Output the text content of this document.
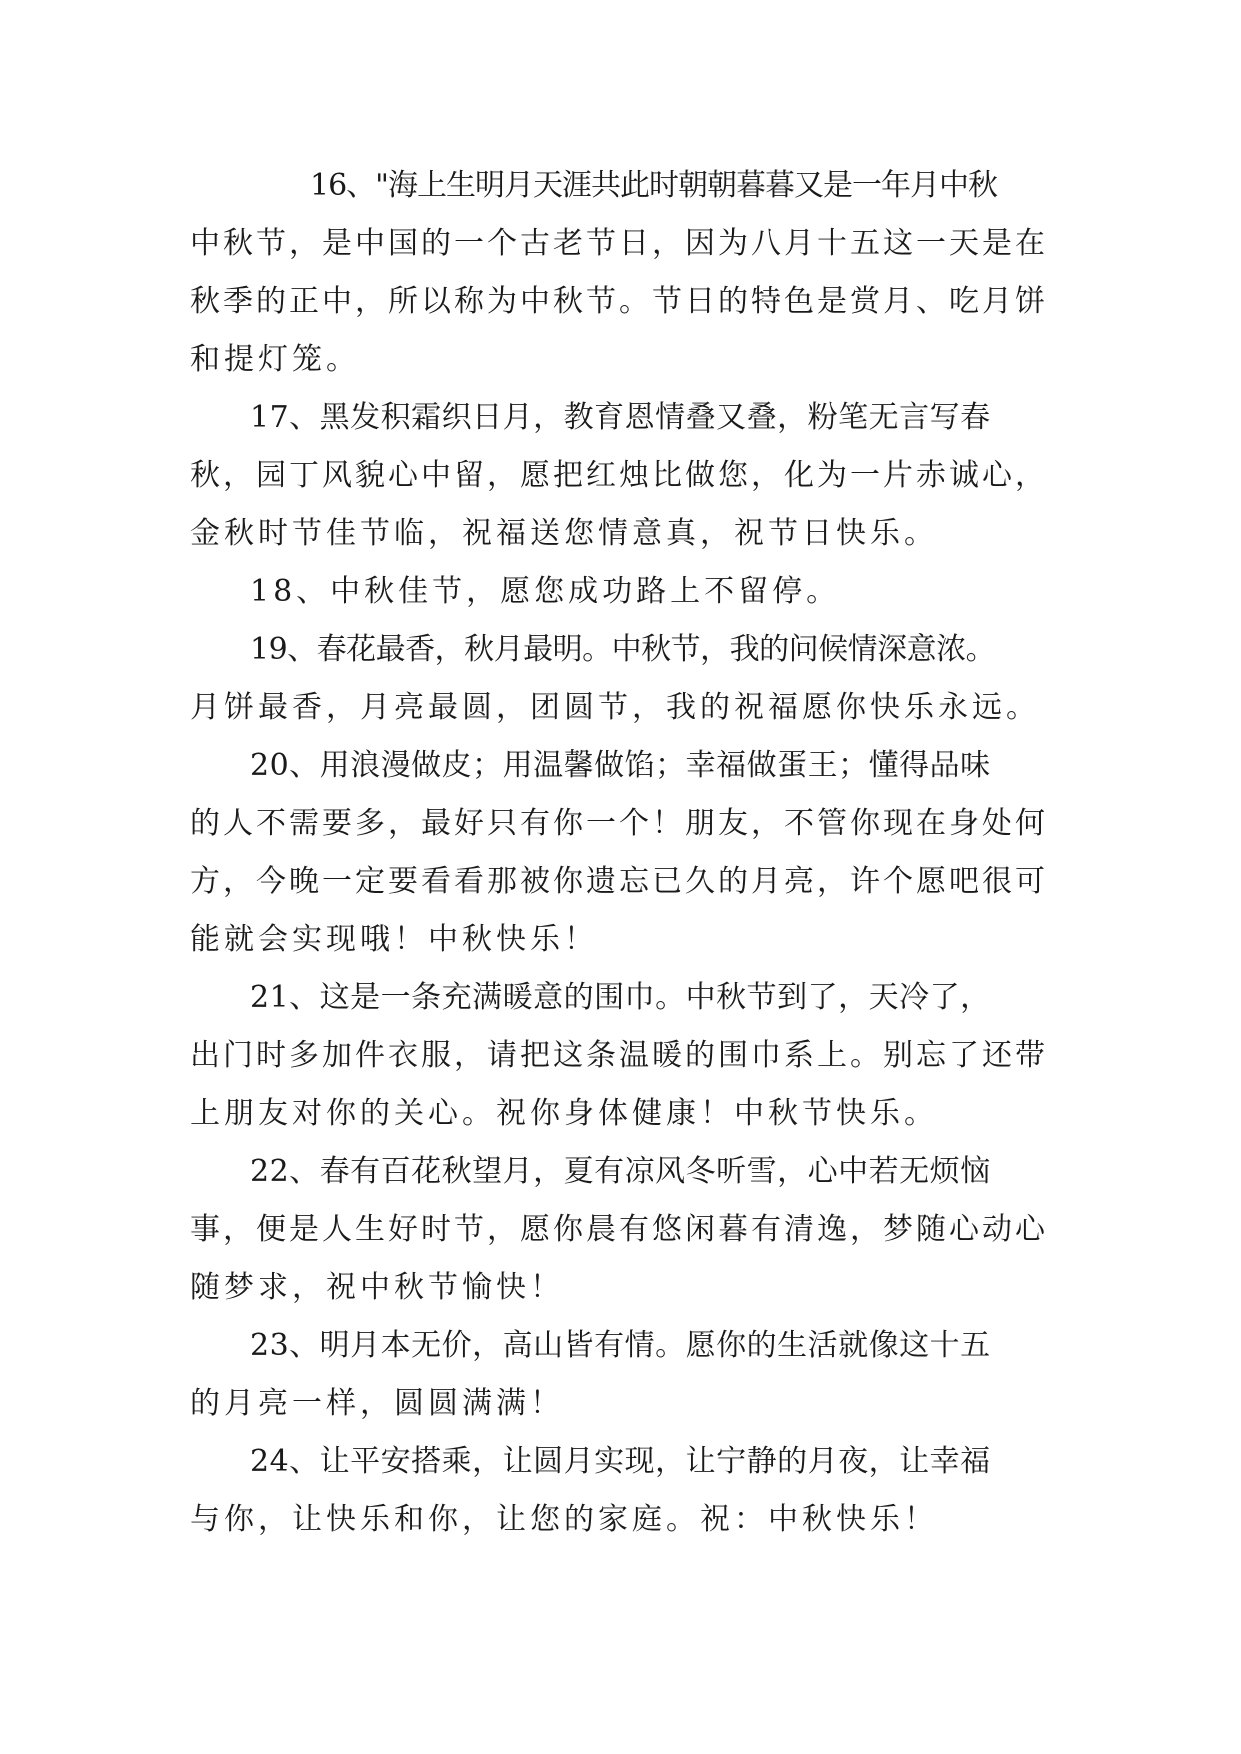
16、"海上生明月天涯共此时朝朝暮暮又是一年月中秋
中秋节，是中国的一个古老节日，因为八月十五这一天是在
秋季的正中，所以称为中秋节。节日的特色是赏月、吃月饼
和提灯笼。
17、黑发积霜织日月，教育恩情叠又叠，粉笔无言写春
秋，园丁风貌心中留，愿把红烛比做您，化为一片赤诚心，
金秋时节佳节临，祝福送您情意真，祝节日快乐。
18、中秋佳节，愿您成功路上不留停。
19、春花最香，秋月最明。中秋节，我的问候情深意浓。
月饼最香，月亮最圆，团圆节，我的祝福愿你快乐永远。
20、用浪漫做皮；用温馨做馅；幸福做蛋王；懂得品味
的人不需要多，最好只有你一个！朋友，不管你现在身处何
方，今晚一定要看看那被你遗忘已久的月亮，许个愿吧很可
能就会实现哦！中秋快乐！
21、这是一条充满暖意的围巾。中秋节到了，天冷了，
出门时多加件衣服，请把这条温暖的围巾系上。别忘了还带
上朋友对你的关心。祝你身体健康！中秋节快乐。
22、春有百花秋望月，夏有凉风冬听雪，心中若无烦恼
事，便是人生好时节，愿你晨有悠闲暮有清逸，梦随心动心
随梦求，祝中秋节愉快！
23、明月本无价，高山皆有情。愿你的生活就像这十五
的月亮一样，圆圆满满！
24、让平安搭乘，让圆月实现，让宁静的月夜，让幸福
与你，让快乐和你，让您的家庭。祝：中秋快乐！
